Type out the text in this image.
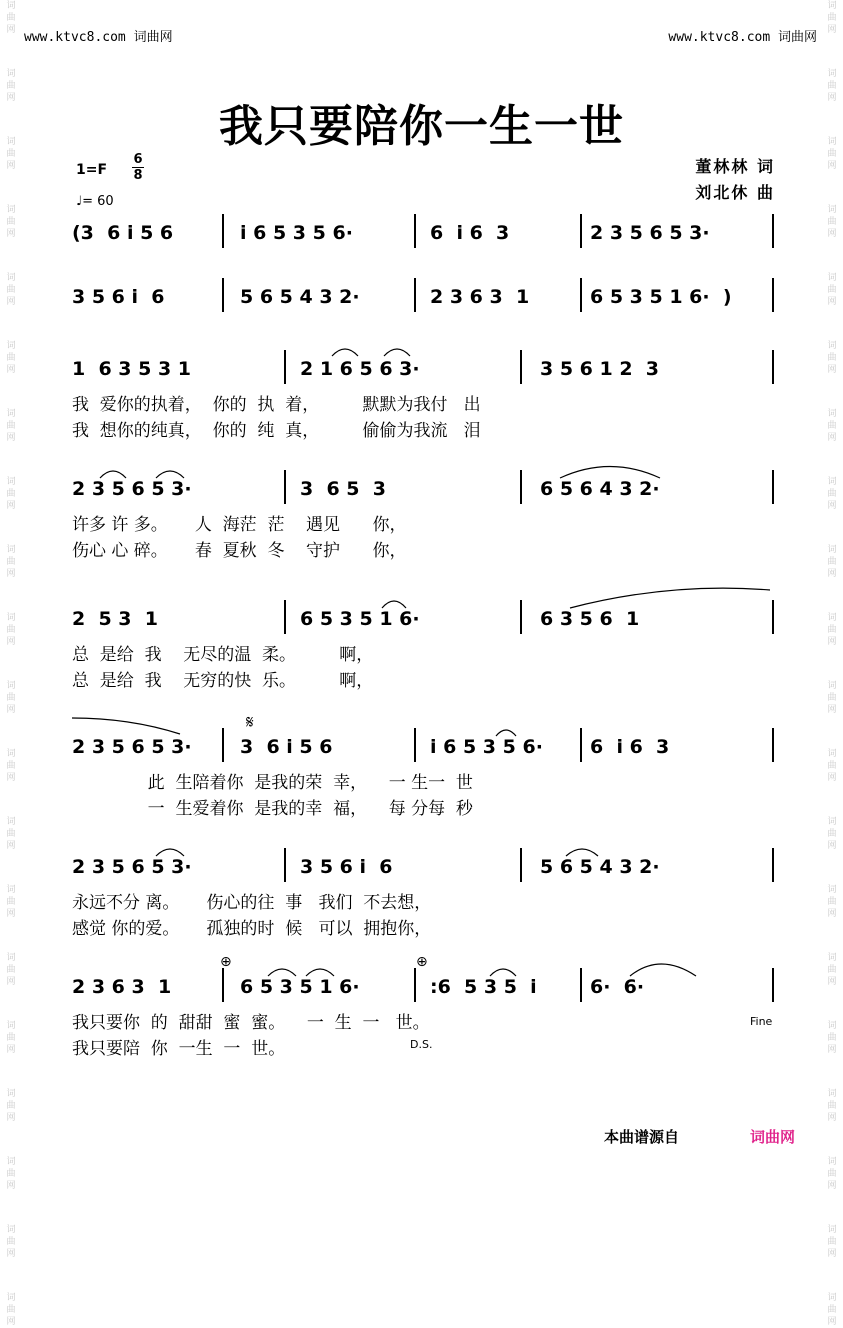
词
曲
网
词
曲
网
词
曲
网
词
曲
网
词
曲
网
词
曲
网
词
曲
网
词
曲
网
词
曲
网
词
曲
网
词
曲
网
词
曲
网
词
曲
网
词
曲
网
词
曲
网
词
曲
网
词
曲
网
词
曲
网
词
曲
网
词
曲
网
词
曲
网
词
曲
网
词
曲
网
词
曲
网
词
曲
网
词
曲
网
词
曲
网
词
曲
网
词
曲
网
词
曲
网
词
曲
网
词
曲
网
词
曲
网
词
曲
网
词
曲
网
词
曲
网
词
曲
网
词
曲
网
词
曲
网
词
曲
网
www.ktvc8.com 词曲网	www.ktvc8.com 词曲网
我只要陪你一生一世
1=F
6
8
♩= 60
董林林 词
刘北休 曲
(3  6 i 5 6	i 6 5 3 5 6·	6  i 6  3	2 3 5 6 5 3·
3 5 6 i  6	5 6 5 4 3 2·	2 3 6 3  1	6 5 3 5 1 6·  )
1  6 3 5 3 1	2 1 6 5 6 3·	3 5 6 1 2  3
我  爱你的执着，  你的  执  着，        默默为我付   出
我  想你的纯真，  你的  纯  真，        偷偷为我流   泪
2 3 5 6 5 3·	3  6 5  3	6 5 6 4 3 2·
许多 许 多。     人  海茫  茫    遇见      你，
伤心 心 碎。     春  夏秋  冬    守护      你，
2  5 3  1	6 5 3 5 1 6·	6 3 5 6  1
总  是给  我    无尽的温  柔。        啊，
总  是给  我    无穷的快  乐。        啊，
2 3 5 6 5 3·	3  6 i 5 6	i 6 5 3 5 6· 6  i 6  3
此  生陪着你  是我的荣  幸，    一 生一  世
一  生爱着你  是我的幸  福，    每 分每  秒
2 3 5 6 5 3·	3 5 6 i  6	5 6 5 4 3 2·
永远不分 离。     伤心的往  事   我们  不去想，
感觉 你的爱。     孤独的时  候   可以  拥抱你，
2 3 6 3  1	6 5 3 5 1 6·	:6  5 3 5  i	6·  6·
我只要你  的  甜甜  蜜  蜜。    一  生  一   世。
我只要陪  你  一生  一  世。
𝄋
⊕	⊕
Fine
D.S.
本曲谱源自	词曲网
